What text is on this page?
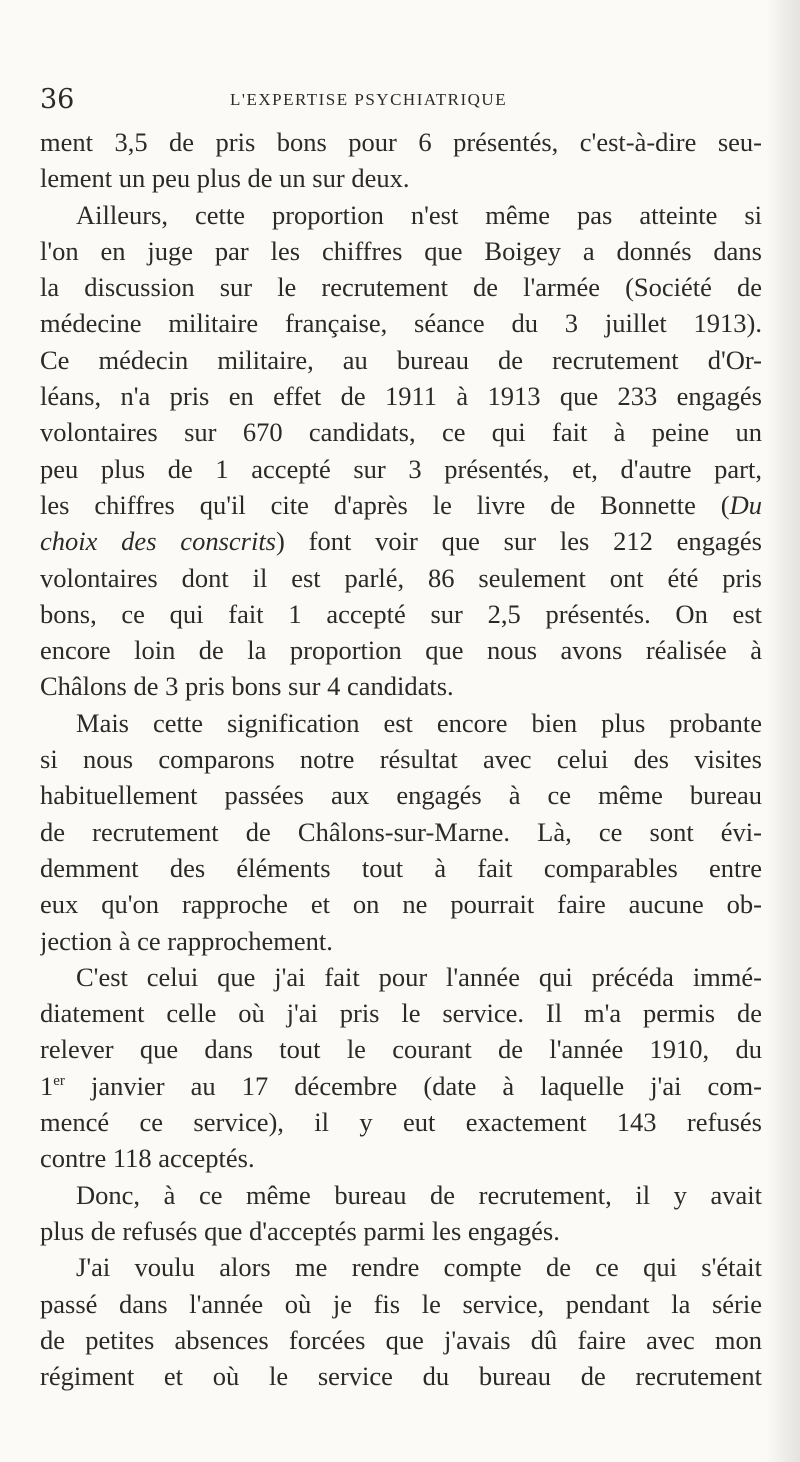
36	L'EXPERTISE PSYCHIATRIQUE
ment 3,5 de pris bons pour 6 présentés, c'est-à-dire seu-
lement un peu plus de un sur deux.
Ailleurs, cette proportion n'est même pas atteinte si
l'on en juge par les chiffres que Boigey a donnés dans
la discussion sur le recrutement de l'armée (Société de
médecine militaire française, séance du 3 juillet 1913).
Ce médecin militaire, au bureau de recrutement d'Or-
léans, n'a pris en effet de 1911 à 1913 que 233 engagés
volontaires sur 670 candidats, ce qui fait à peine un
peu plus de 1 accepté sur 3 présentés, et, d'autre part,
les chiffres qu'il cite d'après le livre de Bonnette (Du
choix des conscrits) font voir que sur les 212 engagés
volontaires dont il est parlé, 86 seulement ont été pris
bons, ce qui fait 1 accepté sur 2,5 présentés. On est
encore loin de la proportion que nous avons réalisée à
Châlons de 3 pris bons sur 4 candidats.
Mais cette signification est encore bien plus probante
si nous comparons notre résultat avec celui des visites
habituellement passées aux engagés à ce même bureau
de recrutement de Châlons-sur-Marne. Là, ce sont évi-
demment des éléments tout à fait comparables entre
eux qu'on rapproche et on ne pourrait faire aucune ob-
jection à ce rapprochement.
C'est celui que j'ai fait pour l'année qui précéda immé-
diatement celle où j'ai pris le service. Il m'a permis de
relever que dans tout le courant de l'année 1910, du
1er janvier au 17 décembre (date à laquelle j'ai com-
mencé ce service), il y eut exactement 143 refusés
contre 118 acceptés.
Donc, à ce même bureau de recrutement, il y avait
plus de refusés que d'acceptés parmi les engagés.
J'ai voulu alors me rendre compte de ce qui s'était
passé dans l'année où je fis le service, pendant la série
de petites absences forcées que j'avais dû faire avec mon
régiment et où le service du bureau de recrutement
